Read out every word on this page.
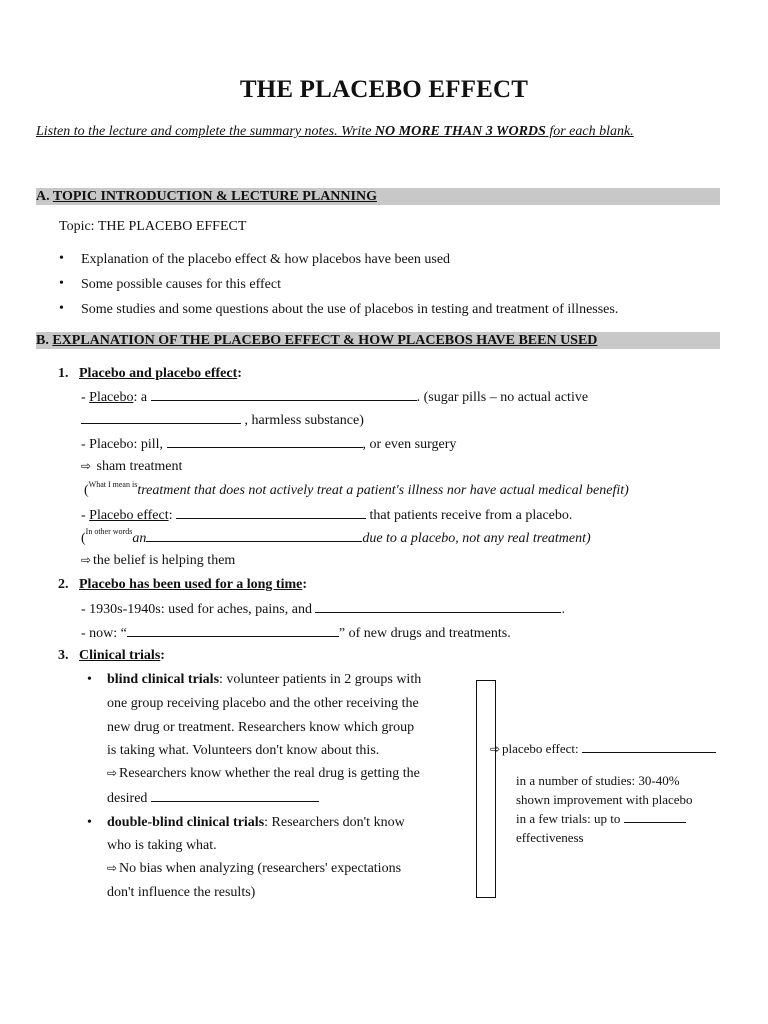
THE PLACEBO EFFECT
Listen to the lecture and complete the summary notes. Write NO MORE THAN 3 WORDS for each blank.
A. TOPIC INTRODUCTION & LECTURE PLANNING
Topic: THE PLACEBO EFFECT
• Explanation of the placebo effect & how placebos have been used
• Some possible causes for this effect
• Some studies and some questions about the use of placebos in testing and treatment of illnesses.
B. EXPLANATION OF THE PLACEBO EFFECT & HOW PLACEBOS HAVE BEEN USED
1. Placebo and placebo effect:
- Placebo: a	. (sugar pills – no actual active
, harmless substance)
- Placebo: pill,	, or even surgery
⇨ sham treatment
($^{What I mean is}$treatment that does not actively treat a patient's illness nor have actual medical benefit)
- Placebo effect:	that patients receive from a placebo.
($^{In other words}$an	due to a placebo, not any real treatment)
⇨ the belief is helping them
2. Placebo has been used for a long time:
- 1930s-1940s: used for aches, pains, and	.
- now: “	” of new drugs and treatments.
3. Clinical trials:
• blind clinical trials: volunteer patients in 2 groups with
one group receiving placebo and the other receiving the
new drug or treatment. Researchers know which group
is taking what. Volunteers don't know about this.
⇨ Researchers know whether the real drug is getting the
desired
• double-blind clinical trials: Researchers don't know
who is taking what.
⇨ No bias when analyzing (researchers' expectations
don't influence the results)
⇨ placebo effect:
in a number of studies: 30-40%
shown improvement with placebo
in a few trials: up to
effectiveness
